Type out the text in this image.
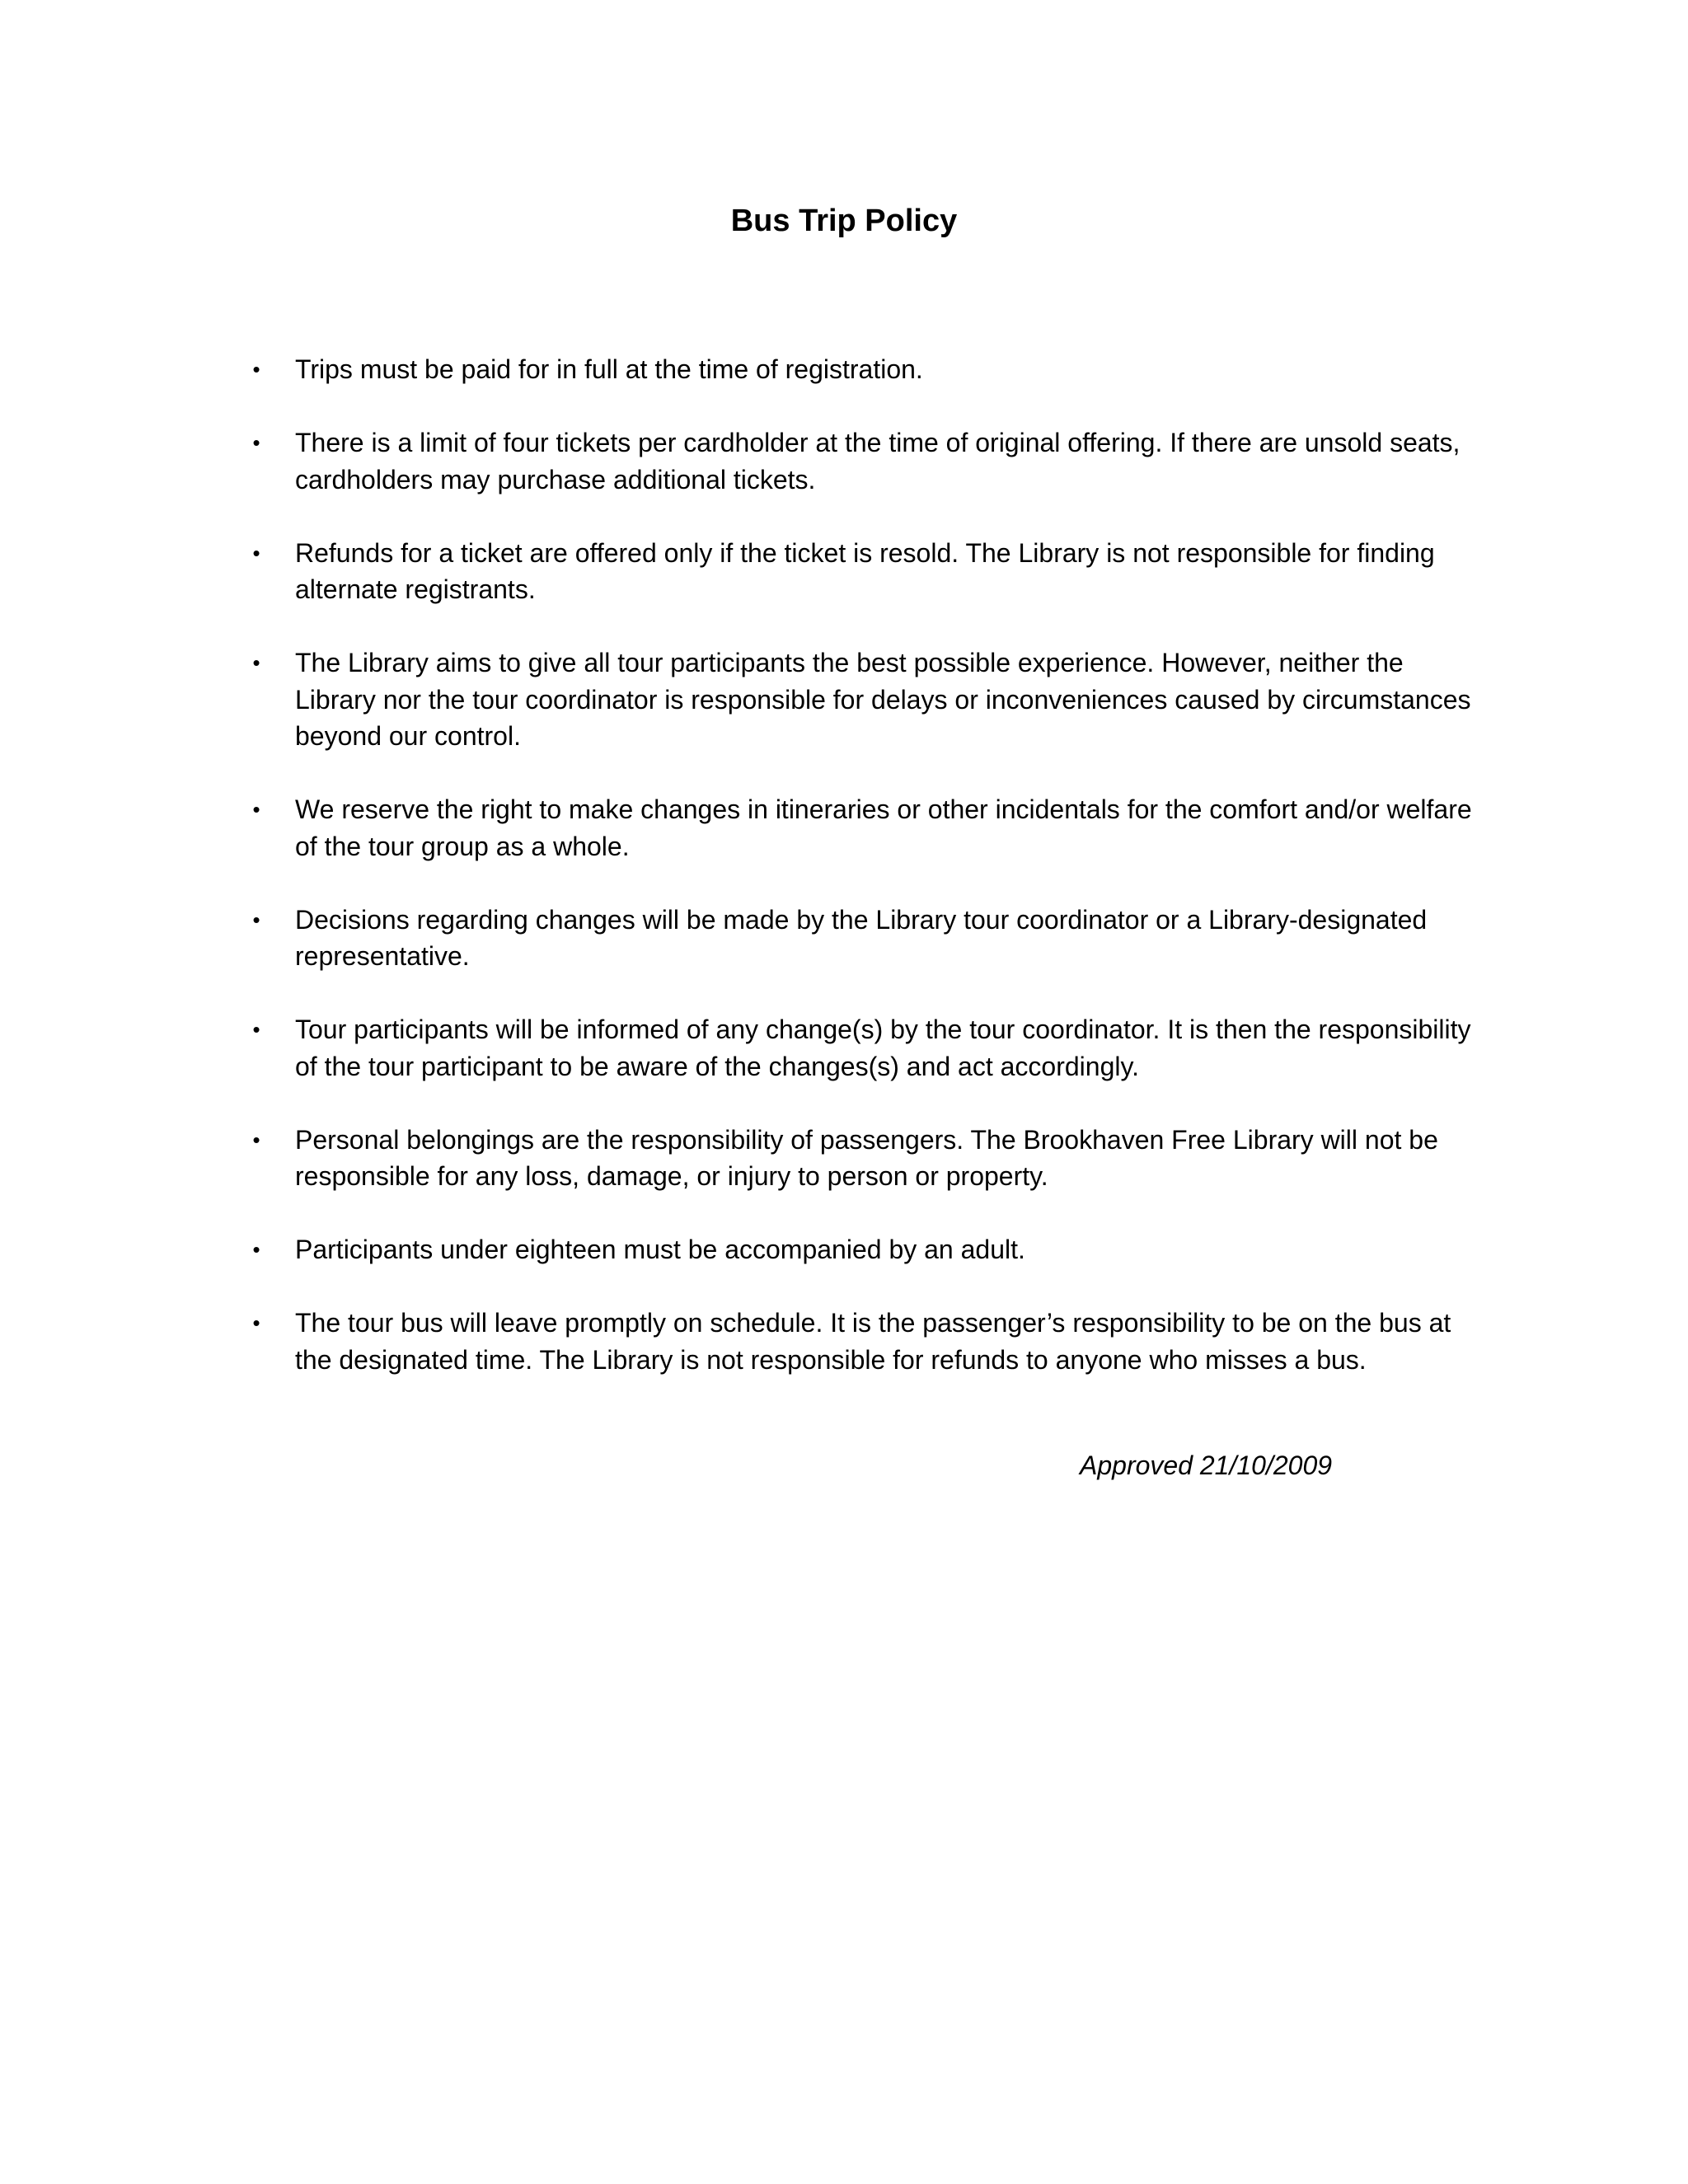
Bus Trip Policy
•	Trips must be paid for in full at the time of registration.
•	There is a limit of four tickets per cardholder at the time of original offering. If there are unsold seats, cardholders may purchase additional tickets.
•	Refunds for a ticket are offered only if the ticket is resold. The Library is not responsible for finding alternate registrants.
•	The Library aims to give all tour participants the best possible experience. However, neither the Library nor the tour coordinator is responsible for delays or inconveniences caused by circumstances beyond our control.
•	We reserve the right to make changes in itineraries or other incidentals for the comfort and/or welfare of the tour group as a whole.
•	Decisions regarding changes will be made by the Library tour coordinator or a Library-designated representative.
•	Tour participants will be informed of any change(s) by the tour coordinator. It is then the responsibility of the tour participant to be aware of the changes(s) and act accordingly.
•	Personal belongings are the responsibility of passengers. The Brookhaven Free Library will not be responsible for any loss, damage, or injury to person or property.
•	Participants under eighteen must be accompanied by an adult.
•	The tour bus will leave promptly on schedule. It is the passenger’s responsibility to be on the bus at the designated time. The Library is not responsible for refunds to anyone who misses a bus.

Approved 21/10/2009
